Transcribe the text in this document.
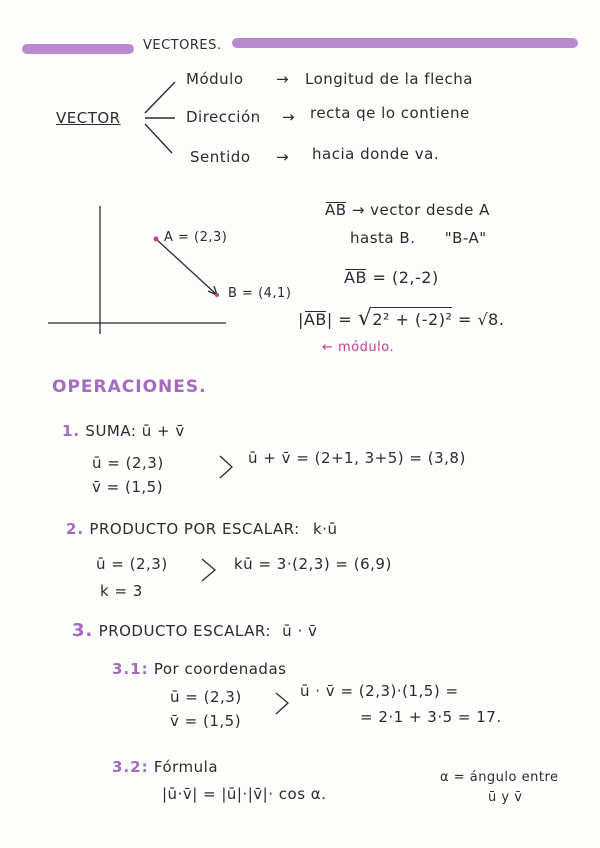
VECTORES.
VECTOR
Módulo → Longitud de la flecha
Dirección → recta qe lo contiene
Sentido → hacia donde va.
A = (2,3)
B = (4,1)
AB → vector desde A
hasta B. "B-A"
AB = (2,-2)
|AB| = √2² + (-2)² = √8.
← módulo.
OPERACIONES.
1. SUMA: ū + v̄
ū = (2,3)
v̄ = (1,5)
ū + v̄ = (2+1, 3+5) = (3,8)
2. PRODUCTO POR ESCALAR: k·ū
ū = (2,3)
k = 3
kū = 3·(2,3) = (6,9)
3. PRODUCTO ESCALAR: ū · v̄
3.1: Por coordenadas
ū = (2,3)
v̄ = (1,5)
ū · v̄ = (2,3)·(1,5) =
= 2·1 + 3·5 = 17.
3.2: Fórmula
|ū·v̄| = |ū|·|v̄|· cos α.
α = ángulo entre
ū y v̄
